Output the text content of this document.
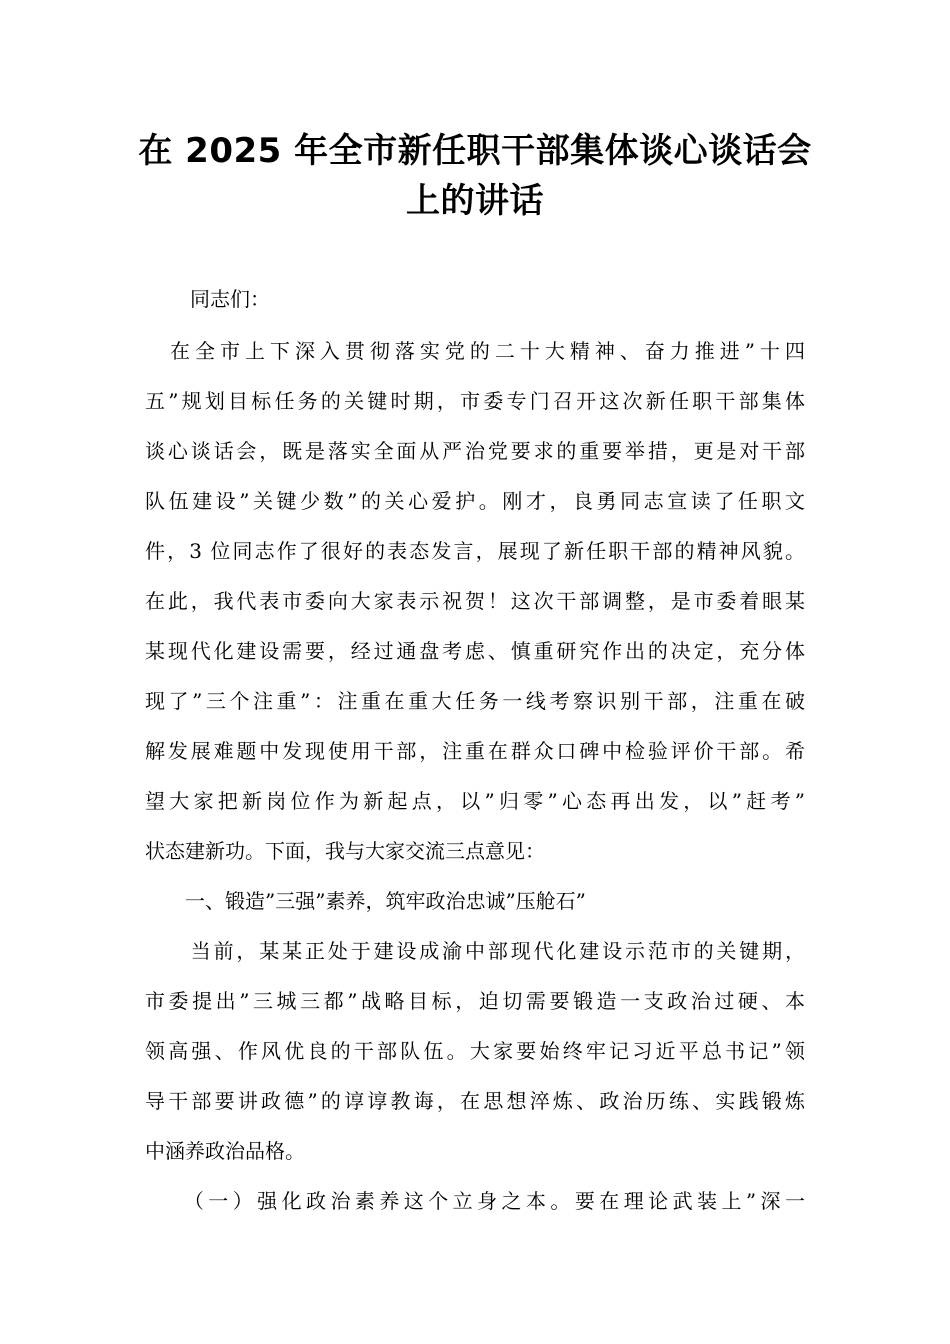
在 2025 年全市新任职干部集体谈心谈话会
上的讲话
同志们：
　在全市上下深入贯彻落实党的二十大精神、奋力推进”十四
五”规划目标任务的关键时期，市委专门召开这次新任职干部集体
谈心谈话会，既是落实全面从严治党要求的重要举措，更是对干部
队伍建设”关键少数”的关心爱护。刚才，良勇同志宣读了任职文
件，3 位同志作了很好的表态发言，展现了新任职干部的精神风貌。
在此，我代表市委向大家表示祝贺！这次干部调整，是市委着眼某
某现代化建设需要，经过通盘考虑、慎重研究作出的决定，充分体
现了”三个注重”：注重在重大任务一线考察识别干部，注重在破
解发展难题中发现使用干部，注重在群众口碑中检验评价干部。希
望大家把新岗位作为新起点，以”归零”心态再出发，以”赶考”
状态建新功。下面，我与大家交流三点意见：
　　一、锻造”三强”素养，筑牢政治忠诚”压舱石”
　　当前，某某正处于建设成渝中部现代化建设示范市的关键期，
市委提出”三城三都”战略目标，迫切需要锻造一支政治过硬、本
领高强、作风优良的干部队伍。大家要始终牢记习近平总书记”领
导干部要讲政德”的谆谆教诲，在思想淬炼、政治历练、实践锻炼
中涵养政治品格。
　　（一）强化政治素养这个立身之本。要在理论武装上”深一
